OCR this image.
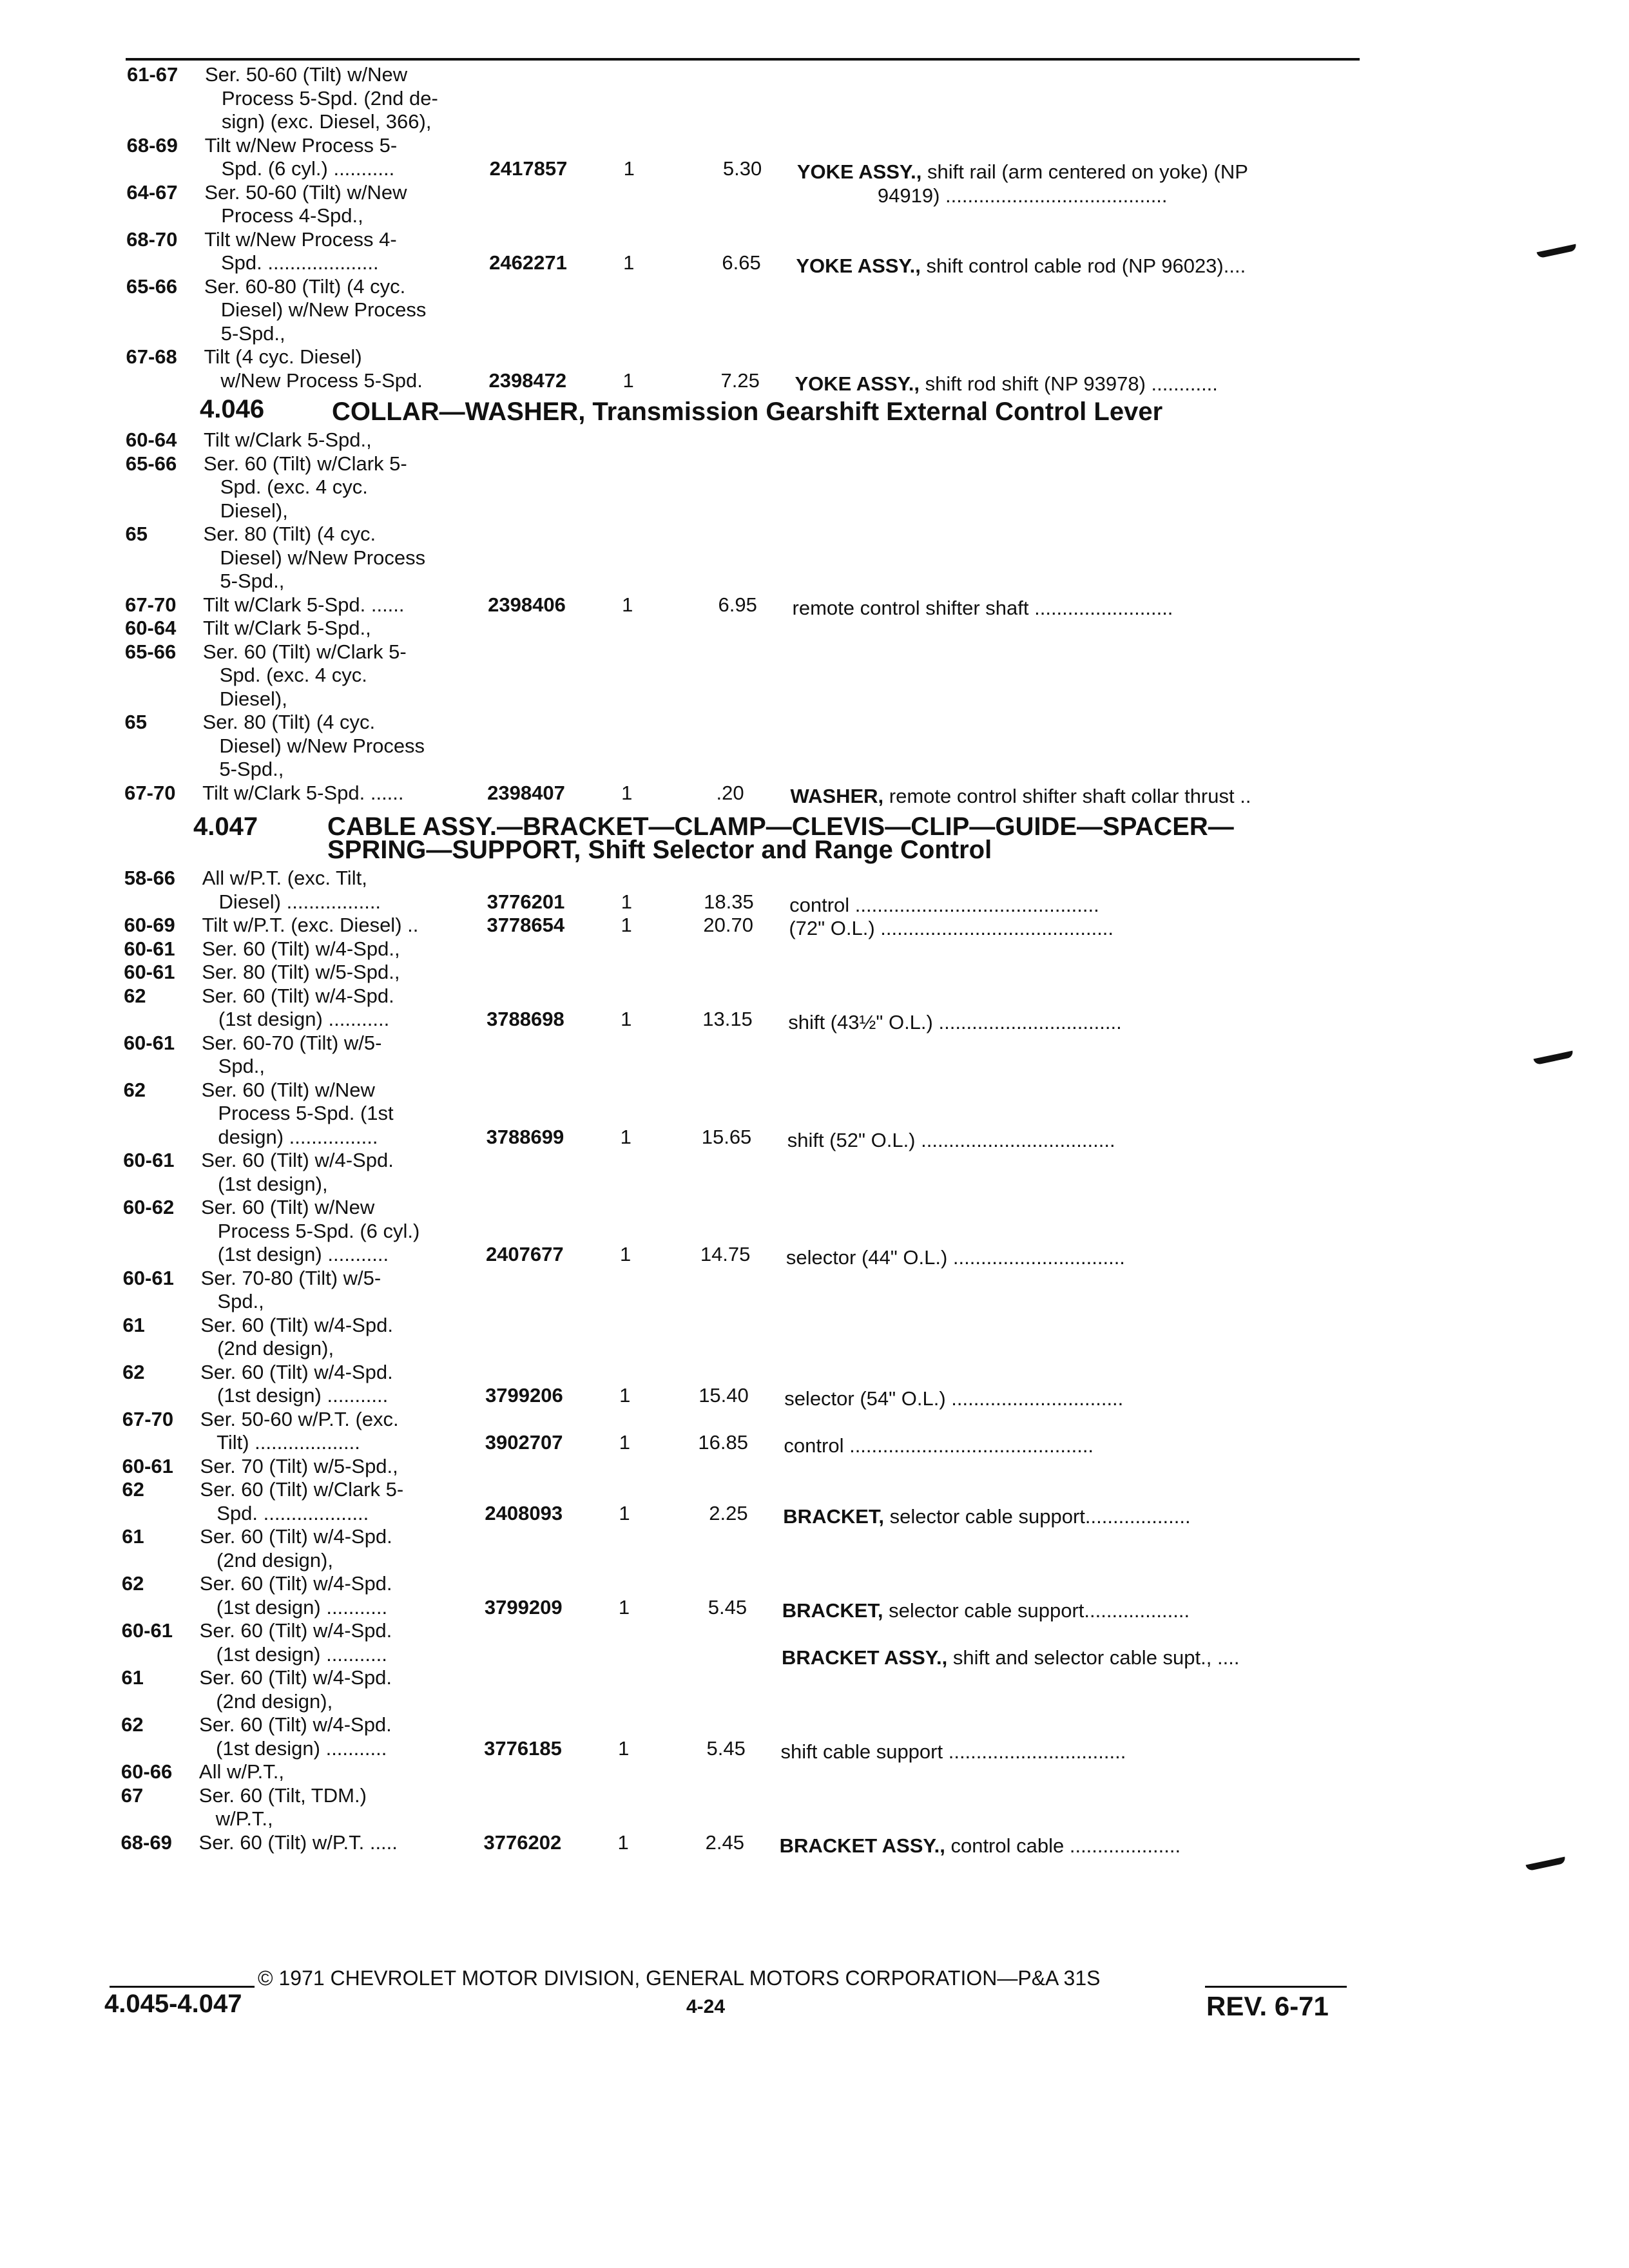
61-67 Ser. 50-60 (Tilt) w/New
Process 5-Spd. (2nd de-
sign) (exc. Diesel, 366),
68-69 Tilt w/New Process 5-
Spd. (6 cyl.) ...........	2417857	1	5.30 YOKE ASSY., shift rail (arm centered on yoke) (NP
94919) ........................................
64-67 Ser. 50-60 (Tilt) w/New
Process 4-Spd.,
68-70 Tilt w/New Process 4-
Spd. ....................	2462271	1	6.65 YOKE ASSY., shift control cable rod (NP 96023)....
65-66 Ser. 60-80 (Tilt) (4 cyc.
Diesel) w/New Process
5-Spd.,
67-68 Tilt (4 cyc. Diesel)
w/New Process 5-Spd.	2398472	1	7.25 YOKE ASSY., shift rod shift (NP 93978) ............
4.046	COLLAR—WASHER, Transmission Gearshift External Control Lever
60-64 Tilt w/Clark 5-Spd.,
65-66 Ser. 60 (Tilt) w/Clark 5-
Spd. (exc. 4 cyc.
Diesel),
65	Ser. 80 (Tilt) (4 cyc.
Diesel) w/New Process
5-Spd.,
67-70 Tilt w/Clark 5-Spd. ......	2398406	1	6.95 remote control shifter shaft .........................
60-64 Tilt w/Clark 5-Spd.,
65-66 Ser. 60 (Tilt) w/Clark 5-
Spd. (exc. 4 cyc.
Diesel),
65	Ser. 80 (Tilt) (4 cyc.
Diesel) w/New Process
5-Spd.,
67-70 Tilt w/Clark 5-Spd. ......	2398407	1	.20 WASHER, remote control shifter shaft collar thrust ..
4.047	CABLE ASSY.—BRACKET—CLAMP—CLEVIS—CLIP—GUIDE—SPACER—
SPRING—SUPPORT, Shift Selector and Range Control
58-66 All w/P.T. (exc. Tilt,
Diesel) .................	3776201	1	18.35 control ............................................
60-69 Tilt w/P.T. (exc. Diesel) ..	3778654	1	20.70 (72" O.L.) ..........................................
60-61 Ser. 60 (Tilt) w/4-Spd.,
60-61 Ser. 80 (Tilt) w/5-Spd.,
62	Ser. 60 (Tilt) w/4-Spd.
(1st design) ...........	3788698	1	13.15 shift (43½" O.L.) .................................
60-61 Ser. 60-70 (Tilt) w/5-
Spd.,
62	Ser. 60 (Tilt) w/New
Process 5-Spd. (1st
design) ................	3788699	1	15.65 shift (52" O.L.) ...................................
60-61 Ser. 60 (Tilt) w/4-Spd.
(1st design),
60-62 Ser. 60 (Tilt) w/New
Process 5-Spd. (6 cyl.)
(1st design) ...........	2407677	1	14.75 selector (44" O.L.) ...............................
60-61 Ser. 70-80 (Tilt) w/5-
Spd.,
61	Ser. 60 (Tilt) w/4-Spd.
(2nd design),
62	Ser. 60 (Tilt) w/4-Spd.
(1st design) ...........	3799206	1	15.40 selector (54" O.L.) ...............................
67-70 Ser. 50-60 w/P.T. (exc.
Tilt) ...................	3902707	1	16.85 control ............................................
60-61 Ser. 70 (Tilt) w/5-Spd.,
62	Ser. 60 (Tilt) w/Clark 5-
Spd. ...................	2408093	1	2.25 BRACKET, selector cable support...................
61	Ser. 60 (Tilt) w/4-Spd.
(2nd design),
62	Ser. 60 (Tilt) w/4-Spd.
(1st design) ...........	3799209	1	5.45 BRACKET, selector cable support...................
60-61 Ser. 60 (Tilt) w/4-Spd.
(1st design) ...........	BRACKET ASSY., shift and selector cable supt., ....
61	Ser. 60 (Tilt) w/4-Spd.
(2nd design),
62	Ser. 60 (Tilt) w/4-Spd.
(1st design) ...........	3776185	1	5.45 shift cable support ................................
60-66 All w/P.T.,
67	Ser. 60 (Tilt, TDM.)
w/P.T.,
68-69 Ser. 60 (Tilt) w/P.T. .....	3776202	1	2.45 BRACKET ASSY., control cable ....................
© 1971 CHEVROLET MOTOR DIVISION, GENERAL MOTORS CORPORATION—P&A 31S
4.045-4.047	4-24	REV. 6-71
